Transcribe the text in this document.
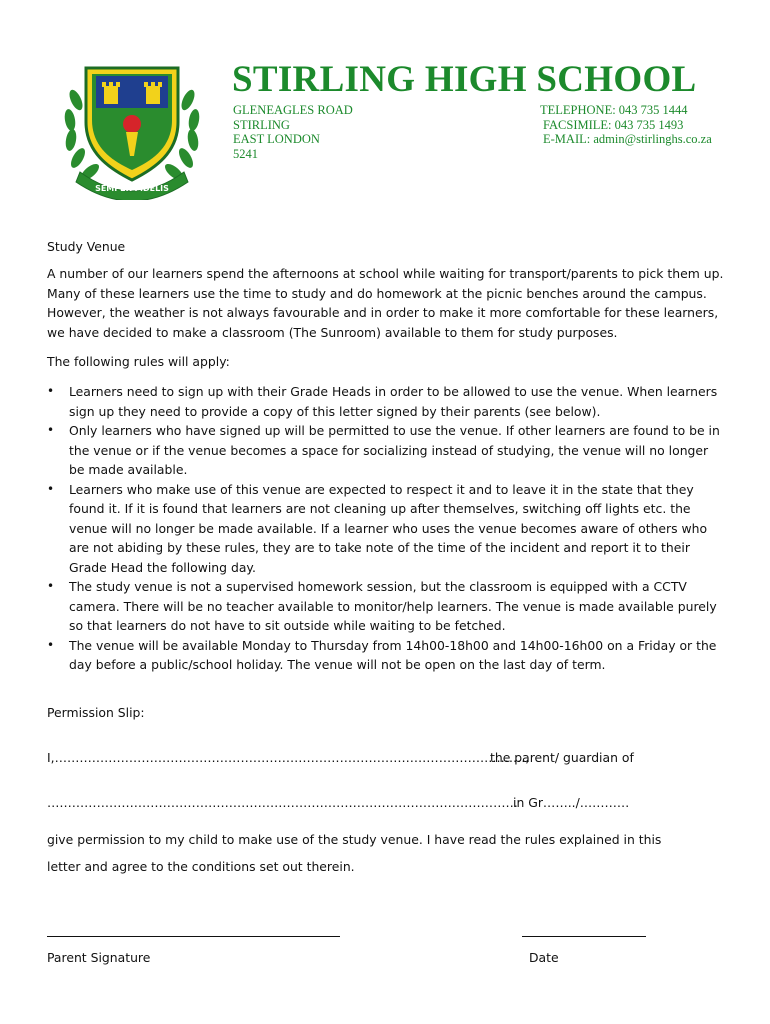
SEMPER FIDELIS
STIRLING HIGH SCHOOL
GLENEAGLES ROAD
STIRLING
EAST LONDON
5241
TELEPHONE: 043 735 1444
FACSIMILE: 043 735 1493
E-MAIL: admin@stirlinghs.co.za
Study Venue
A number of our learners spend the afternoons at school while waiting for transport/parents to pick them up. Many of these learners use the time to study and do homework at the picnic benches around the campus. However, the weather is not always favourable and in order to make it more comfortable for these learners, we have decided to make a classroom (The Sunroom) available to them for study purposes.
The following rules will apply:
• Learners need to sign up with their Grade Heads in order to be allowed to use the venue. When learners sign up they need to provide a copy of this letter signed by their parents (see below).
• Only learners who have signed up will be permitted to use the venue. If other learners are found to be in the venue or if the venue becomes a space for socializing instead of studying, the venue will no longer be made available.
• Learners who make use of this venue are expected to respect it and to leave it in the state that they found it. If it is found that learners are not cleaning up after themselves, switching off lights etc. the venue will no longer be made available. If a learner who uses the venue becomes aware of others who are not abiding by these rules, they are to take note of the time of the incident and report it to their Grade Head the following day.
• The study venue is not a supervised homework session, but the classroom is equipped with a CCTV camera. There will be no teacher available to monitor/help learners. The venue is made available purely so that learners do not have to sit outside while waiting to be fetched.
• The venue will be available Monday to Thursday from 14h00-18h00 and 14h00-16h00 on a Friday or the day before a public/school holiday. The venue will not be open on the last day of term.
Permission Slip:
I,……………………………………………………………………………………………………,
the parent/ guardian of
……………………………………………………………………………………………………
in Gr……../…………
give permission to my child to make use of the study venue. I have read the rules explained in this
letter and agree to the conditions set out therein.
Parent Signature	Date
